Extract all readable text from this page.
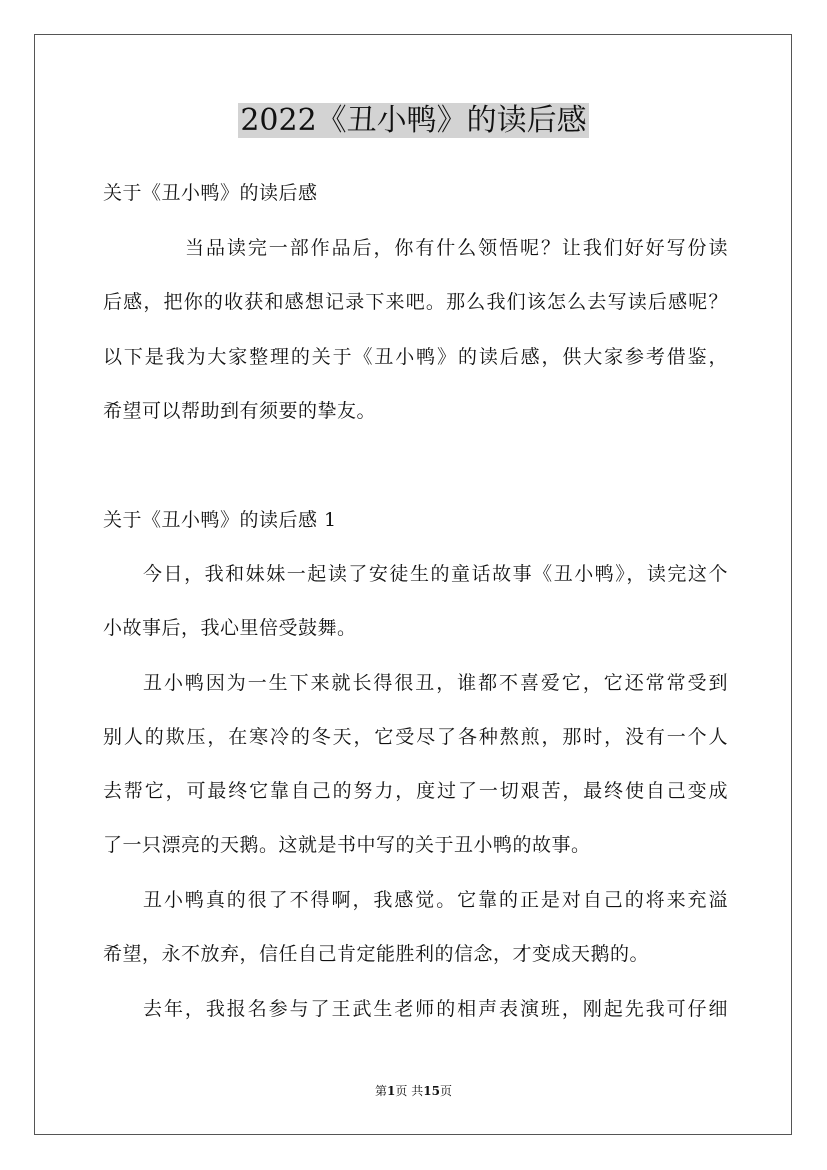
2022《丑小鸭》的读后感
关于《丑小鸭》的读后感
当品读完一部作品后，你有什么领悟呢？让我们好好写份读
后感，把你的收获和感想记录下来吧。那么我们该怎么去写读后感呢？
以下是我为大家整理的关于《丑小鸭》的读后感，供大家参考借鉴，
希望可以帮助到有须要的挚友。
关于《丑小鸭》的读后感 1
今日，我和妹妹一起读了安徒生的童话故事《丑小鸭》，读完这个
小故事后，我心里倍受鼓舞。
丑小鸭因为一生下来就长得很丑，谁都不喜爱它，它还常常受到
别人的欺压，在寒冷的冬天，它受尽了各种熬煎，那时，没有一个人
去帮它，可最终它靠自己的努力，度过了一切艰苦，最终使自己变成
了一只漂亮的天鹅。这就是书中写的关于丑小鸭的故事。
丑小鸭真的很了不得啊，我感觉。它靠的正是对自己的将来充溢
希望，永不放弃，信任自己肯定能胜利的信念，才变成天鹅的。
去年，我报名参与了王武生老师的相声表演班，刚起先我可仔细
第1页 共15页
